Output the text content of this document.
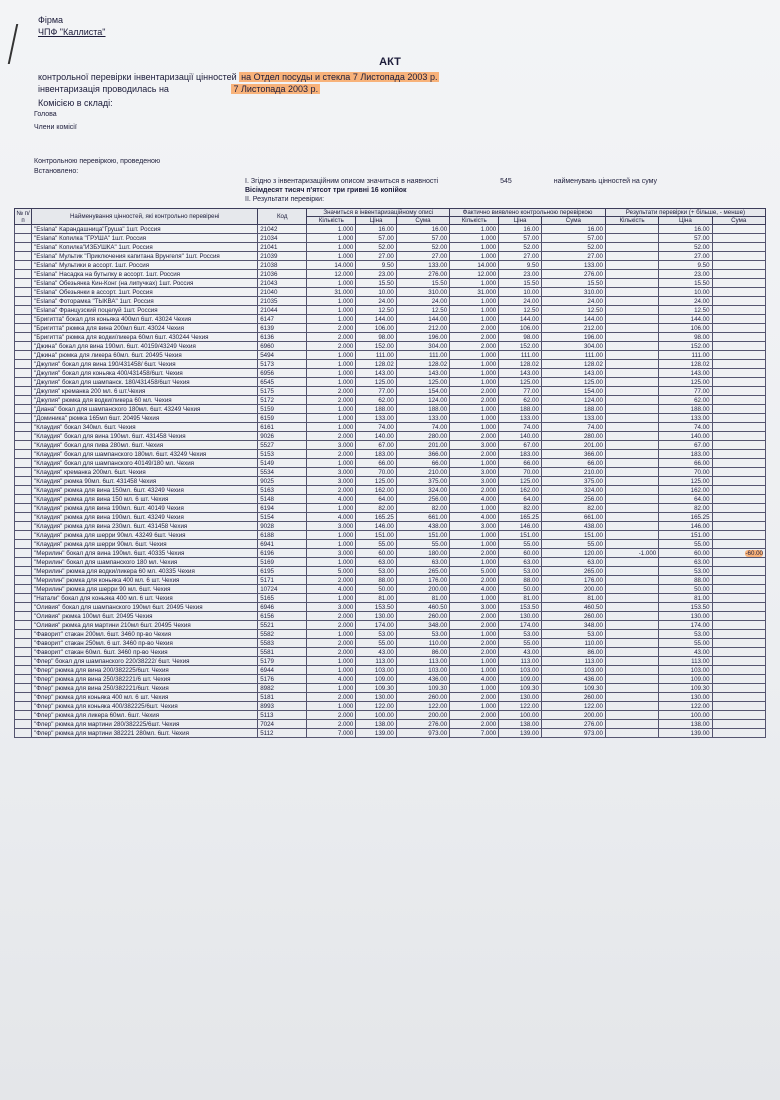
Фірма
ЧПФ "Каллиста"
АКТ
контрольної перевірки інвентаризації цінностей на Отдел посуды и стекла 7 Листопада 2003 р.
інвентаризація проводилась на	7 Листопада 2003 р.
Комісією в складі:
Голова
Члени комісії
Контрольною перевіркою, проведеною
Встановлено:
І. Згідно з інвентаризаційним описом значиться в наявності	545	найменувань цінностей на суму
Вісімдесят тисяч п'ятсот три гривні 16 копійок
ІІ. Результати перевірки:
№ п/п	Найменування цінностей, які контрольно перевірені	Код	Значиться в інвентаризаційному описі			Фактично виявлено контрольною перевіркою			Результати перевірки (+ більше, - менше)		
			Кількість	Ціна	Сума	Кількість	Ціна	Сума	Кількість	Ціна	Сума
	"Eslana" Карандашница"Груша" 1шт. Россия	21042	1.000	16.00	16.00	1.000	16.00	16.00		16.00	
	"Eslana" Копилка "ГРУША" 1шт. Россия	21034	1.000	57.00	57.00	1.000	57.00	57.00		57.00	
	"Eslana" Копилка"ИЗБУШКА" 1шт. Россия	21041	1.000	52.00	52.00	1.000	52.00	52.00		52.00	
	"Eslana" Мультик "Приключения капитана Врунгеля" 1шт. Россия	21039	1.000	27.00	27.00	1.000	27.00	27.00		27.00	
	"Eslana" Мультики в ассорт. 1шт. Россия	21038	14.000	9.50	133.00	14.000	9.50	133.00		9.50	
	"Eslana" Насадка на бутылку в ассорт. 1шт. Россия	21036	12.000	23.00	276.00	12.000	23.00	276.00		23.00	
	"Eslana" Обезьянка Кин-Конг (на липучках) 1шт. Россия	21043	1.000	15.50	15.50	1.000	15.50	15.50		15.50	
	"Eslana" Обезьянки в ассорт. 1шт. Россия	21040	31.000	10.00	310.00	31.000	10.00	310.00		10.00	
	"Eslana" Фоторамка "ТЫКВА" 1шт. Россия	21035	1.000	24.00	24.00	1.000	24.00	24.00		24.00	
	"Eslana" Французский поцелуй 1шт. Россия	21044	1.000	12.50	12.50	1.000	12.50	12.50		12.50	
	"Бригитта" бокал для коньяка 400мл 6шт. 43024 Чехия	6147	1.000	144.00	144.00	1.000	144.00	144.00		144.00	
	"Бригитта" рюмка для вина 200мл 6шт. 43024 Чехия	6139	2.000	106.00	212.00	2.000	106.00	212.00		106.00	
	"Бригитта" рюмка для водки/ликера 60мл 6шт. 430244 Чехия	6136	2.000	98.00	196.00	2.000	98.00	196.00		98.00	
	"Джина" бокал для вина 190мл. 6шт. 40159/43249 Чехия	6960	2.000	152.00	304.00	2.000	152.00	304.00		152.00	
	"Джина" рюмка для ликера 60мл. 6шт. 20495 Чехия	5494	1.000	111.00	111.00	1.000	111.00	111.00		111.00	
	"Джулия" бокал для вина 190/431458/ 6шт. Чехия	5173	1.000	128.02	128.02	1.000	128.02	128.02		128.02	
	"Джулия" бокал для коньяка 400/431458/6шт. Чехия	6956	1.000	143.00	143.00	1.000	143.00	143.00		143.00	
	"Джулия" бокал для шампанск. 180/431458/6шт Чехия	6545	1.000	125.00	125.00	1.000	125.00	125.00		125.00	
	"Джулия" креманка 200 мл. 6 шт.Чехия	5175	2.000	77.00	154.00	2.000	77.00	154.00		77.00	
	"Джулия" рюмка для водки/ликера 60 мл. Чехия	5172	2.000	62.00	124.00	2.000	62.00	124.00		62.00	
	"Диана" бокал для шампанского 180мл. 6шт. 43249 Чехия	5159	1.000	188.00	188.00	1.000	188.00	188.00		188.00	
	"Доминика" рюмка 165мл 6шт. 20495 Чехия	6159	1.000	133.00	133.00	1.000	133.00	133.00		133.00	
	"Клаудия" бокал 340мл. 6шт. Чехия	6161	1.000	74.00	74.00	1.000	74.00	74.00		74.00	
	"Клаудия" бокал для вина 190мл. 6шт. 431458 Чехия	9026	2.000	140.00	280.00	2.000	140.00	280.00		140.00	
	"Клаудия" бокал для пива 280мл. 6шт. Чехия	5527	3.000	67.00	201.00	3.000	67.00	201.00		67.00	
	"Клаудия" бокал для шампанского 180мл. 6шт. 43249 Чехия	5153	2.000	183.00	366.00	2.000	183.00	366.00		183.00	
	"Клаудия" бокал для шампанского 40149/180 мл. Чехия	5149	1.000	66.00	66.00	1.000	66.00	66.00		66.00	
	"Клаудия" креманка 200мл. 6шт. Чехия	5534	3.000	70.00	210.00	3.000	70.00	210.00		70.00	
	"Клаудия" рюмка 90мл. 6шт. 431458 Чехия	9025	3.000	125.00	375.00	3.000	125.00	375.00		125.00	
	"Клаудия" рюмка для вина 150мл. 6шт. 43249 Чехия	5163	2.000	162.00	324.00	2.000	162.00	324.00		162.00	
	"Клаудия" рюмка для вина 150 мл. 6 шт. Чехия	5148	4.000	64.00	256.00	4.000	64.00	256.00		64.00	
	"Клаудия" рюмка для вина 190мл. 6шт. 40149 Чехия	6194	1.000	82.00	82.00	1.000	82.00	82.00		82.00	
	"Клаудия" рюмка для вина 190мл. 6шт. 43249 Чехия	5154	4.000	165.25	661.00	4.000	165.25	661.00		165.25	
	"Клаудия" рюмка для вина 230мл. 6шт. 431458 Чехия	9028	3.000	146.00	438.00	3.000	146.00	438.00		146.00	
	"Клаудия" рюмка для шерри 90мл. 43249 6шт. Чехия	6188	1.000	151.00	151.00	1.000	151.00	151.00		151.00	
	"Клаудия" рюмка для шерри 90мл. 6шт. Чехия	6941	1.000	55.00	55.00	1.000	55.00	55.00		55.00	
	"Мерилин" бокал для вина 190мл. 6шт. 40335 Чехия	6196	3.000	60.00	180.00	2.000	60.00	120.00	-1.000	60.00	-60.00
	"Мерилин" бокал для шампанского 180 мл. Чехия	5169	1.000	63.00	63.00	1.000	63.00	63.00		63.00	
	"Мерилин" рюмка для водки/ликера 60 мл. 40335 Чехия	6195	5.000	53.00	265.00	5.000	53.00	265.00		53.00	
	"Мерилин" рюмка для коньяка 400 мл. 6 шт. Чехия	5171	2.000	88.00	176.00	2.000	88.00	176.00		88.00	
	"Мерилин" рюмка для шерри 90 мл. 6шт. Чехия	10724	4.000	50.00	200.00	4.000	50.00	200.00		50.00	
	"Натали" бокал для коньяка 400 мл. 6 шт. Чехия	5165	1.000	81.00	81.00	1.000	81.00	81.00		81.00	
	"Оливия" бокал для шампанского 190мл 6шт. 20495 Чехия	6946	3.000	153.50	460.50	3.000	153.50	460.50		153.50	
	"Оливия" рюмка 100мл 6шт. 20495 Чехия	6156	2.000	130.00	260.00	2.000	130.00	260.00		130.00	
	"Оливия" рюмка для мартини 210мл 6шт. 20495 Чехия	5521	2.000	174.00	348.00	2.000	174.00	348.00		174.00	
	"Фаворит" стакан 200мл. 6шт. 3460 пр-во Чехия	5582	1.000	53.00	53.00	1.000	53.00	53.00		53.00	
	"Фаворит" стакан 250мл. 6 шт. 3460 пр-во Чехия	5583	2.000	55.00	110.00	2.000	55.00	110.00		55.00	
	"Фаворит" стакан 60мл. 6шт. 3460 пр-во Чехия	5581	2.000	43.00	86.00	2.000	43.00	86.00		43.00	
	"Флер" бокал для шампанского 220/38222/ 6шт. Чехия	5179	1.000	113.00	113.00	1.000	113.00	113.00		113.00	
	"Флер" рюмка для вина 200/382225/6шт. Чехия	6944	1.000	103.00	103.00	1.000	103.00	103.00		103.00	
	"Флер" рюмка для вина 250/382221/6 шт. Чехия	5176	4.000	109.00	436.00	4.000	109.00	436.00		109.00	
	"Флер" рюмка для вина 250/382221/6шт. Чехия	8982	1.000	109.30	109.30	1.000	109.30	109.30		109.30	
	"Флер" рюмка для коньяка 400 мл. 6 шт. Чехия	5181	2.000	130.00	260.00	2.000	130.00	260.00		130.00	
	"Флер" рюмка для коньяка 400/382225/6шт. Чехия	8993	1.000	122.00	122.00	1.000	122.00	122.00		122.00	
	"Флер" рюмка для ликера 60мл. 6шт. Чехия	5113	2.000	100.00	200.00	2.000	100.00	200.00		100.00	
	"Флер" рюмка для мартини 280/382225/6шт. Чехия	7024	2.000	138.00	276.00	2.000	138.00	276.00		138.00	
	"Флер" рюмка для мартини 382221 280мл. 6шт. Чехия	5112	7.000	139.00	973.00	7.000	139.00	973.00		139.00	
